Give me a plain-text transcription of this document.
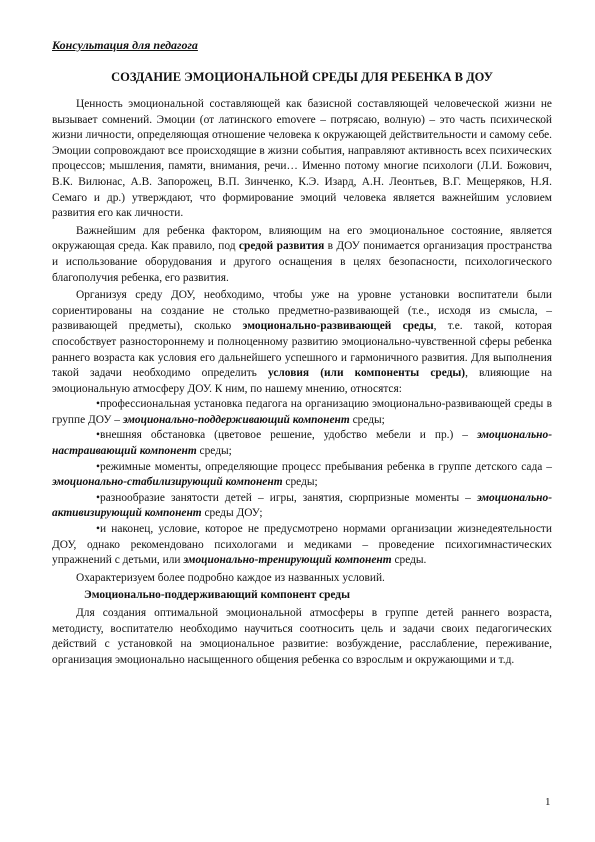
Консультация для педагога
СОЗДАНИЕ ЭМОЦИОНАЛЬНОЙ СРЕДЫ ДЛЯ РЕБЕНКА В ДОУ

Ценность эмоциональной составляющей как базисной составляющей человеческой жизни не вызывает сомнений. Эмоции (от латинского emovere – потрясаю, волную) – это часть психической жизни личности, определяющая отношение человека к окружающей действительности и самому себе. Эмоции сопровождают все происходящие в жизни события, направляют активность всех психических процессов; мышления, памяти, внимания, речи… Именно потому многие психологи (Л.И. Божович, В.К. Вилюнас, А.В. Запорожец, В.П. Зинченко, К.Э. Изард, А.Н. Леонтьев, В.Г. Мещеряков, Н.Я. Семаго и др.) утверждают, что формирование эмоций человека является важнейшим условием развития его как личности.

Важнейшим для ребенка фактором, влияющим на его эмоциональное состояние, является окружающая среда. Как правило, под средой развития в ДОУ понимается организация пространства и использование оборудования и другого оснащения в целях безопасности, психологического благополучия ребенка, его развития.

Организуя среду ДОУ, необходимо, чтобы уже на уровне установки воспитатели были сориентированы на создание не столько предметно-развивающей (т.е., исходя из смысла, – развивающей предметы), сколько эмоционально-развивающей среды, т.е. такой, которая способствует разностороннему и полноценному развитию эмоционально-чувственной сферы ребенка раннего возраста как условия его дальнейшего успешного и гармоничного развития. Для выполнения такой задачи необходимо определить условия (или компоненты среды), влияющие на эмоциональную атмосферу ДОУ. К ним, по нашему мнению, относятся:

•профессиональная установка педагога на организацию эмоционально-развивающей среды в группе ДОУ – эмоционально-поддерживающий компонент среды;

•внешняя обстановка (цветовое решение, удобство мебели и пр.) – эмоционально-настраивающий компонент среды;

•режимные моменты, определяющие процесс пребывания ребенка в группе детского сада – эмоционально-стабилизирующий компонент среды;

•разнообразие занятости детей – игры, занятия, сюрпризные моменты – эмоционально-активизирующий компонент среды ДОУ;

•и наконец, условие, которое не предусмотрено нормами организации жизнедеятельности ДОУ, однако рекомендовано психологами и медиками – проведение психогимнастических упражнений с детьми, или эмоционально-тренирующий компонент среды.

Охарактеризуем более подробно каждое из названных условий.

Эмоционально-поддерживающий компонент среды

Для создания оптимальной эмоциональной атмосферы в группе детей раннего возраста, методисту, воспитателю необходимо научиться соотносить цель и задачи своих педагогических действий с установкой на эмоциональное развитие: возбуждение, расслабление, переживание, организация эмоционально насыщенного общения ребенка со взрослым и окружающими и т.д.

1
